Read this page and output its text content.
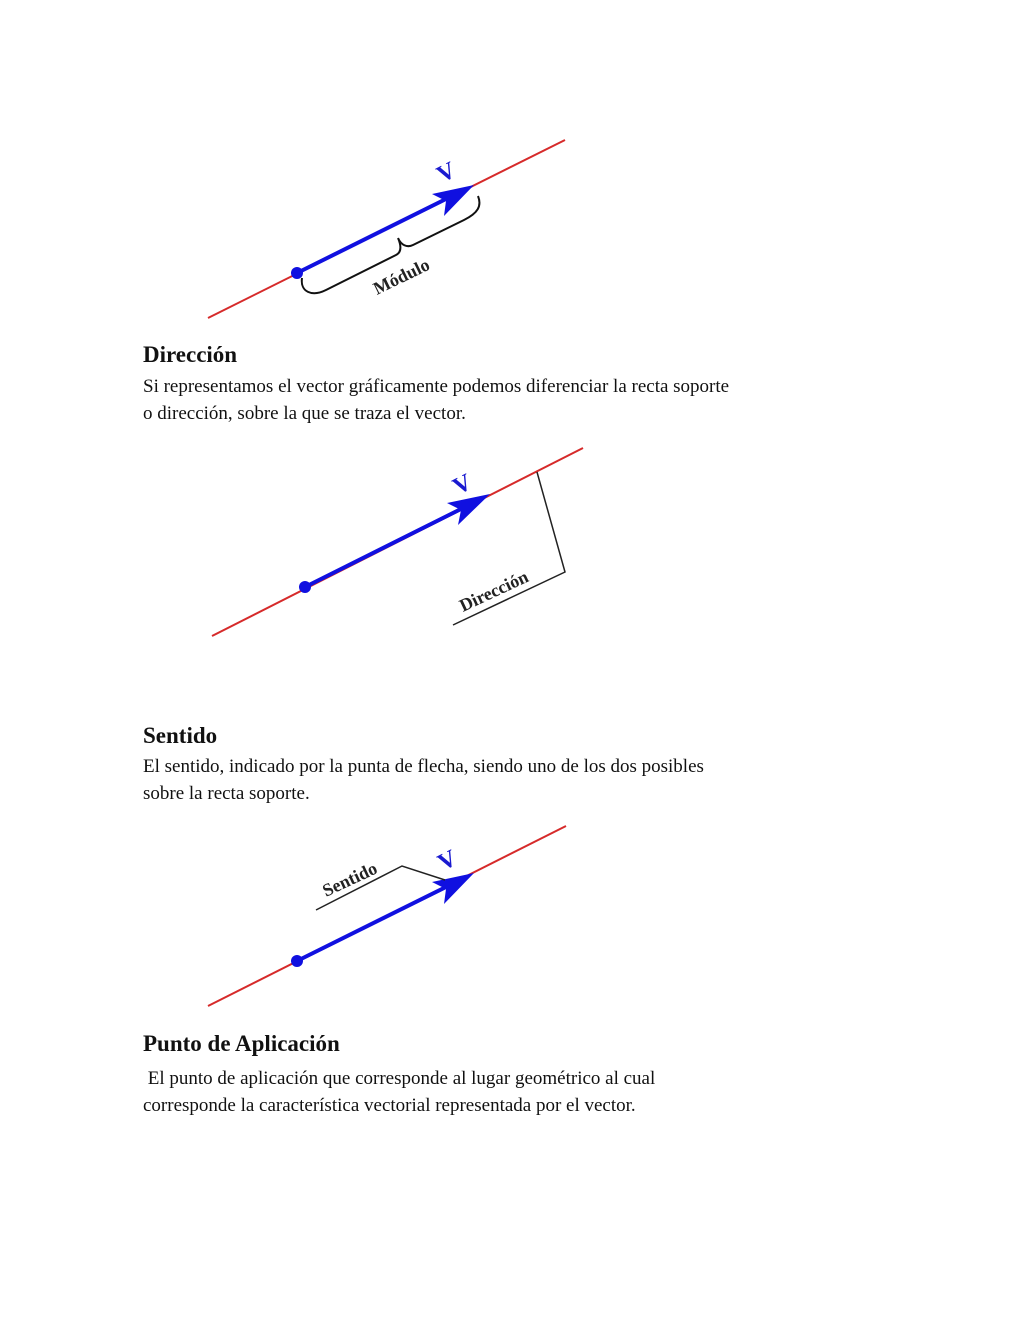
V
Módulo
Dirección

Si representamos el vector gráficamente podemos diferenciar la recta soporte
o dirección, sobre la que se traza el vector.

V
Dirección
Sentido

El sentido, indicado por la punta de flecha, siendo uno de los dos posibles
sobre la recta soporte.

V
Sentido
Punto de Aplicación

El punto de aplicación que corresponde al lugar geométrico al cual
corresponde la característica vectorial representada por el vector.
